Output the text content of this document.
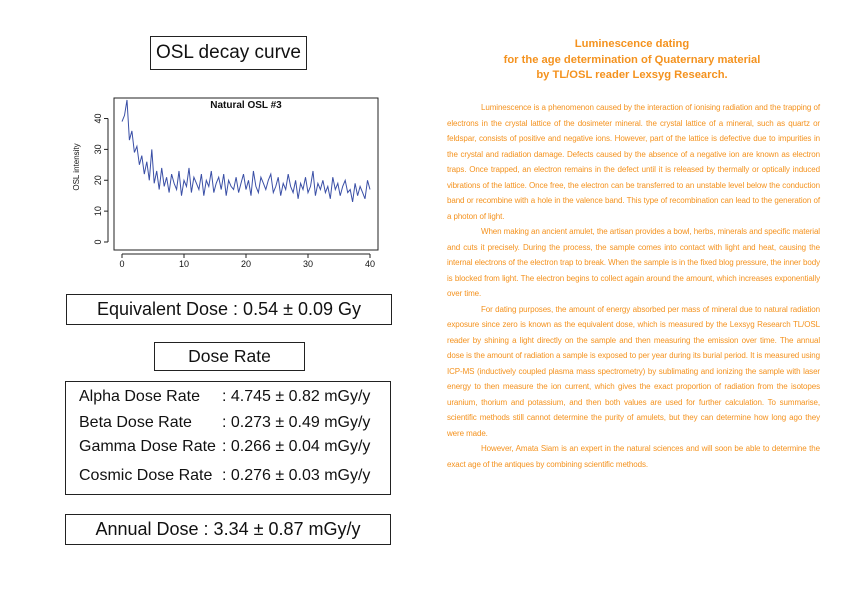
OSL decay curve
Natural OSL #3
OSL intensity
0	10	20	30	40
0
10
20
30
40
Equivalent Dose : 0.54 ± 0.09 Gy
Dose Rate
Alpha Dose Rate : 4.745 ± 0.82 mGy/y
Beta Dose Rate : 0.273 ± 0.49 mGy/y
Gamma Dose Rate : 0.266 ± 0.04 mGy/y
Cosmic Dose Rate : 0.276 ± 0.03 mGy/y
Annual Dose : 3.34 ± 0.87 mGy/y
Luminescence dating
for the age determination of Quaternary material
by TL/OSL reader Lexsyg Research.

Luminescence is a phenomenon caused by the interaction of ionising radiation and the trapping of electrons in the crystal lattice of the dosimeter mineral. the crystal lattice of a mineral, such as quartz or feldspar, consists of positive and negative ions. However, part of the lattice is defective due to impurities in the crystal and radiation damage. Defects caused by the absence of a negative ion are known as electron traps. Once trapped, an electron remains in the defect until it is released by thermally or optically induced vibrations of the lattice. Once free, the electron can be transferred to an unstable level below the conduction band or recombine with a hole in the valence band. This type of recombination can lead to the generation of a photon of light.

When making an ancient amulet, the artisan provides a bowl, herbs, minerals and specific material and cuts it precisely. During the process, the sample comes into contact with light and heat, causing the internal electrons of the electron trap to break. When the sample is in the fixed blog pressure, the inner body is blocked from light. The electron begins to collect again around the amount, which increases exponentially over time.

For dating purposes, the amount of energy absorbed per mass of mineral due to natural radiation exposure since zero is known as the equivalent dose, which is measured by the Lexsyg Research TL/OSL reader by shining a light directly on the sample and then measuring the emission over time. The annual dose is the amount of radiation a sample is exposed to per year during its burial period. It is measured using ICP-MS (inductively coupled plasma mass spectrometry) by sublimating and ionizing the sample with laser energy to then measure the ion current, which gives the exact proportion of radiation from the isotopes uranium, thorium and potassium, and then both values are used for further calculation. To summarise, scientific methods still cannot determine the purity of amulets, but they can determine how long ago they were made.

However, Amata Siam is an expert in the natural sciences and will soon be able to determine the exact age of the antiques by combining scientific methods.
